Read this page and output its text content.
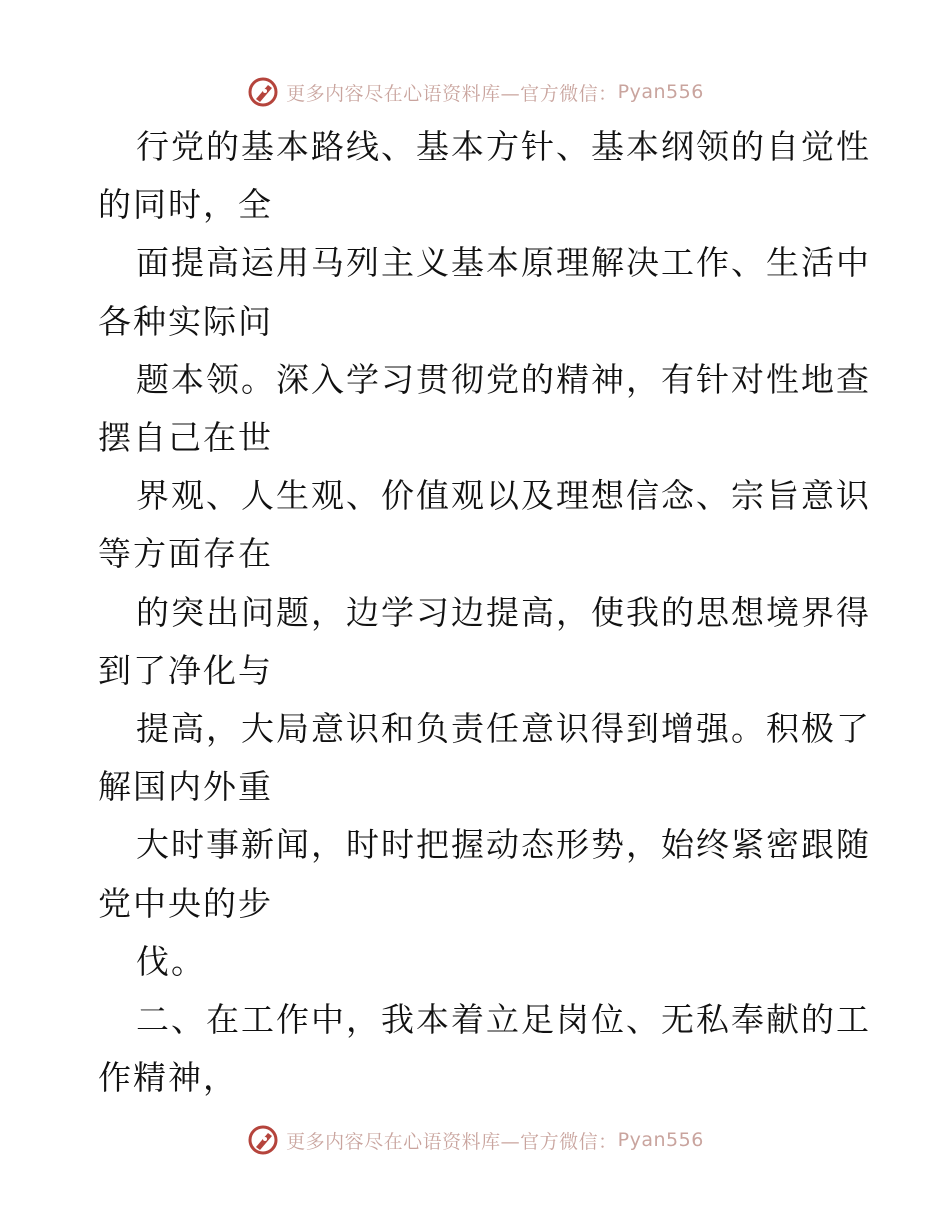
更多内容尽在心语资料库—官方微信： Pyan556

行党的基本路线、基本方针、基本纲领的自觉性

的同时，全

面提高运用马列主义基本原理解决工作、生活中

各种实际问

题本领。深入学习贯彻党的精神，有针对性地查

摆自己在世

界观、人生观、价值观以及理想信念、宗旨意识

等方面存在

的突出问题，边学习边提高，使我的思想境界得

到了净化与

提高，大局意识和负责任意识得到增强。积极了

解国内外重

大时事新闻，时时把握动态形势，始终紧密跟随

党中央的步

伐。

二、在工作中，我本着立足岗位、无私奉献的工

作精神，

更多内容尽在心语资料库—官方微信： Pyan556
